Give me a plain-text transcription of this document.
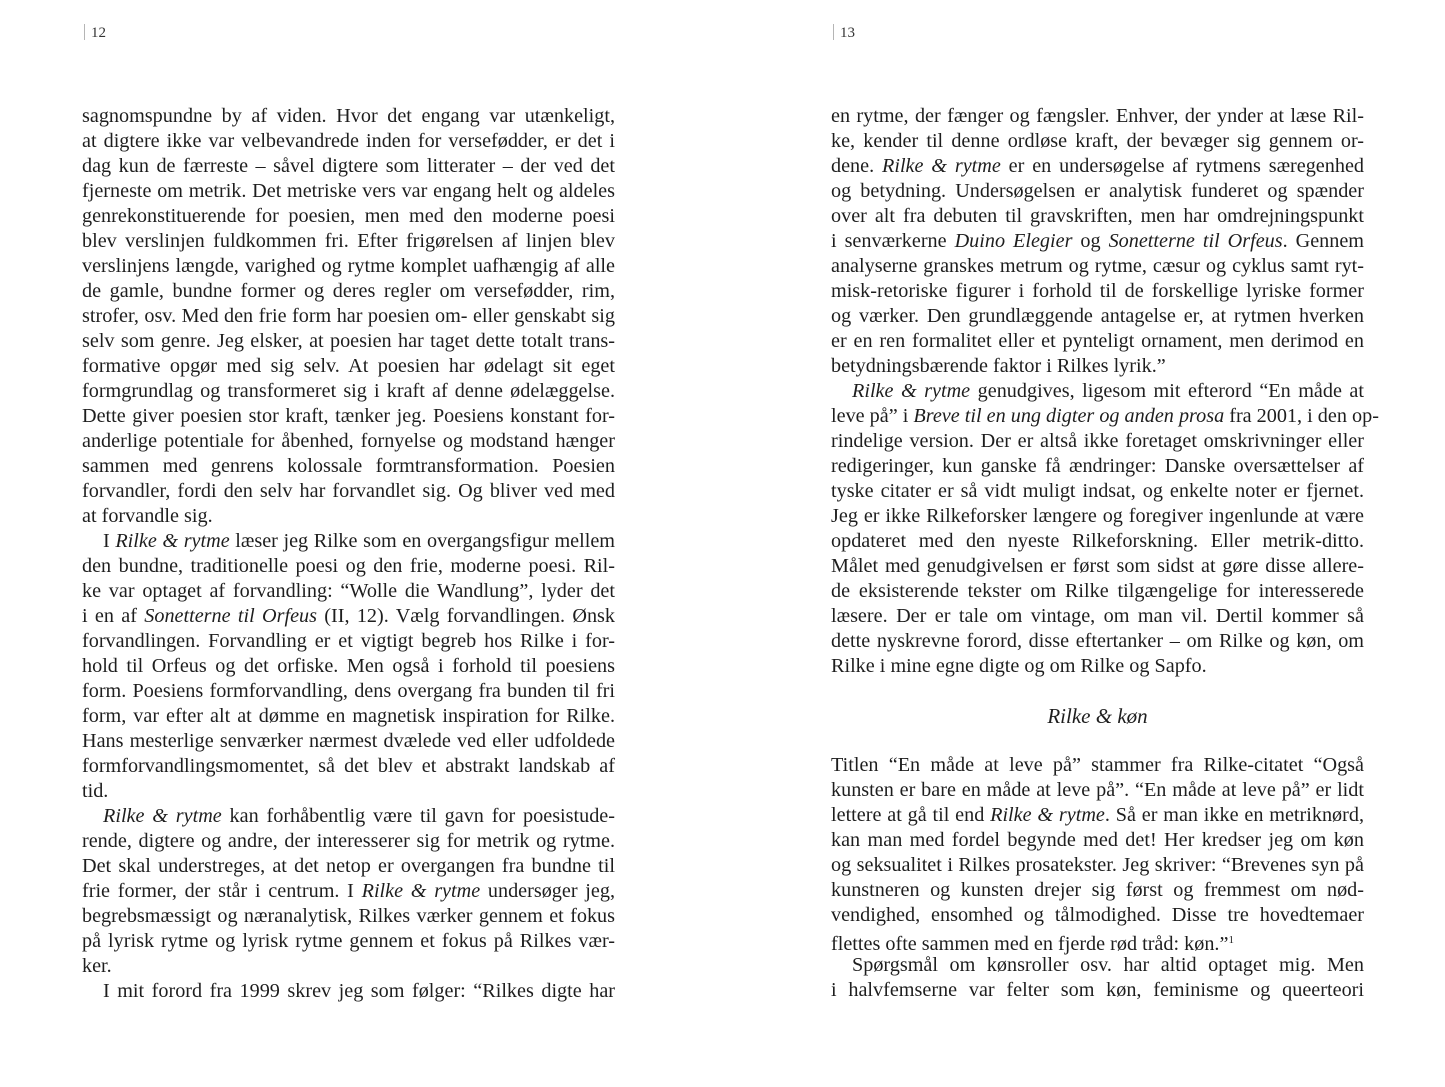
12
sagnomspundne by af viden. Hvor det engang var utænkeligt,
at digtere ikke var velbevandrede inden for versefødder, er det i
dag kun de færreste – såvel digtere som litterater – der ved det
fjerneste om metrik. Det metriske vers var engang helt og aldeles
genrekonstituerende for poesien, men med den moderne poesi
blev verslinjen fuldkommen fri. Efter frigørelsen af linjen blev
verslinjens længde, varighed og rytme komplet uafhængig af alle
de gamle, bundne former og deres regler om versefødder, rim,
strofer, osv. Med den frie form har poesien om- eller genskabt sig
selv som genre. Jeg elsker, at poesien har taget dette totalt trans-
formative opgør med sig selv. At poesien har ødelagt sit eget
formgrundlag og transformeret sig i kraft af denne ødelæggelse.
Dette giver poesien stor kraft, tænker jeg. Poesiens konstant for-
anderlige potentiale for åbenhed, fornyelse og modstand hænger
sammen med genrens kolossale formtransformation. Poesien
forvandler, fordi den selv har forvandlet sig. Og bliver ved med
at forvandle sig.
I Rilke & rytme læser jeg Rilke som en overgangsfigur mellem
den bundne, traditionelle poesi og den frie, moderne poesi. Ril-
ke var optaget af forvandling: “Wolle die Wandlung”, lyder det
i en af Sonetterne til Orfeus (II, 12). Vælg forvandlingen. Ønsk
forvandlingen. Forvandling er et vigtigt begreb hos Rilke i for-
hold til Orfeus og det orfiske. Men også i forhold til poesiens
form. Poesiens formforvandling, dens overgang fra bunden til fri
form, var efter alt at dømme en magnetisk inspiration for Rilke.
Hans mesterlige senværker nærmest dvælede ved eller udfoldede
formforvandlingsmomentet, så det blev et abstrakt landskab af
tid.
Rilke & rytme kan forhåbentlig være til gavn for poesistude-
rende, digtere og andre, der interesserer sig for metrik og rytme.
Det skal understreges, at det netop er overgangen fra bundne til
frie former, der står i centrum. I Rilke & rytme undersøger jeg,
begrebsmæssigt og næranalytisk, Rilkes værker gennem et fokus
på lyrisk rytme og lyrisk rytme gennem et fokus på Rilkes vær-
ker.
I mit forord fra 1999 skrev jeg som følger: “Rilkes digte har
13
en rytme, der fænger og fængsler. Enhver, der ynder at læse Ril-
ke, kender til denne ordløse kraft, der bevæger sig gennem or-
dene. Rilke & rytme er en undersøgelse af rytmens særegenhed
og betydning. Undersøgelsen er analytisk funderet og spænder
over alt fra debuten til gravskriften, men har omdrejningspunkt
i senværkerne Duino Elegier og Sonetterne til Orfeus. Gennem
analyserne granskes metrum og rytme, cæsur og cyklus samt ryt-
misk-retoriske figurer i forhold til de forskellige lyriske former
og værker. Den grundlæggende antagelse er, at rytmen hverken
er en ren formalitet eller et pynteligt ornament, men derimod en
betydningsbærende faktor i Rilkes lyrik.”
Rilke & rytme genudgives, ligesom mit efterord “En måde at
leve på” i Breve til en ung digter og anden prosa fra 2001, i den op-
rindelige version. Der er altså ikke foretaget omskrivninger eller
redigeringer, kun ganske få ændringer: Danske oversættelser af
tyske citater er så vidt muligt indsat, og enkelte noter er fjernet.
Jeg er ikke Rilkeforsker længere og foregiver ingenlunde at være
opdateret med den nyeste Rilkeforskning. Eller metrik-ditto.
Målet med genudgivelsen er først som sidst at gøre disse allere-
de eksisterende tekster om Rilke tilgængelige for interesserede
læsere. Der er tale om vintage, om man vil. Dertil kommer så
dette nyskrevne forord, disse eftertanker – om Rilke og køn, om
Rilke i mine egne digte og om Rilke og Sapfo.
Rilke & køn
Titlen “En måde at leve på” stammer fra Rilke-citatet “Også
kunsten er bare en måde at leve på”. “En måde at leve på” er lidt
lettere at gå til end Rilke & rytme. Så er man ikke en metriknørd,
kan man med fordel begynde med det! Her kredser jeg om køn
og seksualitet i Rilkes prosatekster. Jeg skriver: “Brevenes syn på
kunstneren og kunsten drejer sig først og fremmest om nød-
vendighed, ensomhed og tålmodighed. Disse tre hovedtemaer
flettes ofte sammen med en fjerde rød tråd: køn.”$^1$
Spørgsmål om kønsroller osv. har altid optaget mig. Men
i halvfemserne var felter som køn, feminisme og queerteori
